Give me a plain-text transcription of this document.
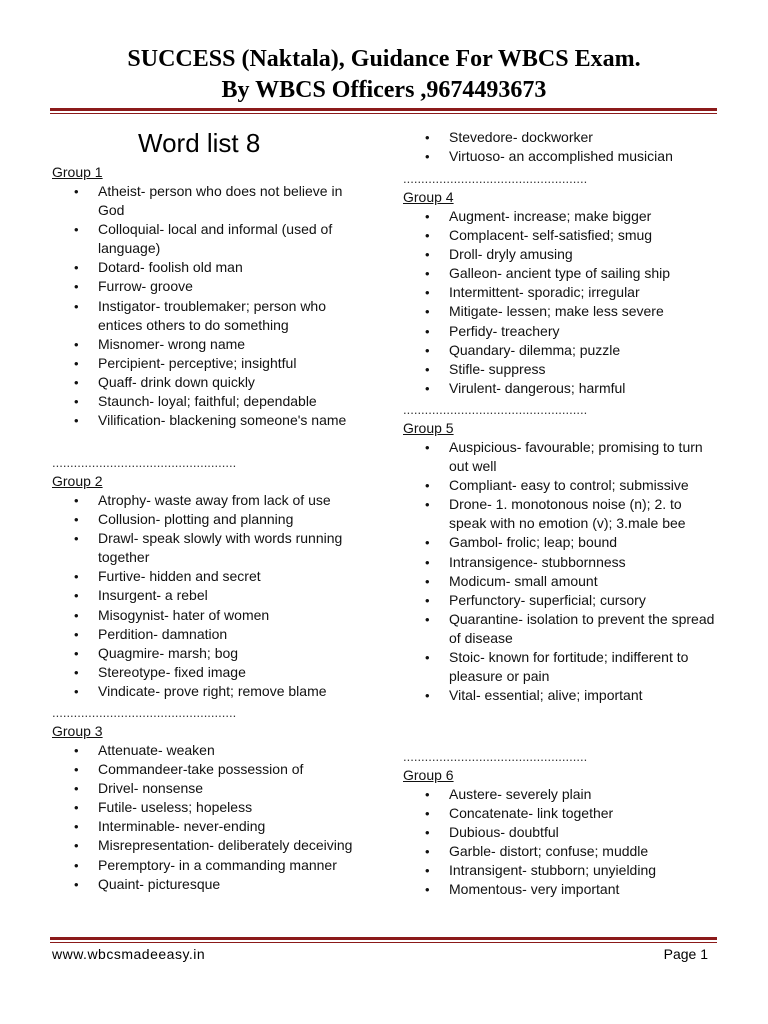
SUCCESS (Naktala), Guidance For WBCS Exam.
By WBCS Officers ,9674493673
Word list 8
Group 1
• Atheist- person who does not believe in God
• Colloquial- local and informal (used of language)
• Dotard- foolish old man
• Furrow- groove
• Instigator- troublemaker; person who entices others to do something
• Misnomer- wrong name
• Percipient- perceptive; insightful
• Quaff- drink down quickly
• Staunch- loyal; faithful; dependable
• Vilification- blackening someone's name
...................................................
Group 2
• Atrophy- waste away from lack of use
• Collusion- plotting and planning
• Drawl- speak slowly with words running together
• Furtive- hidden and secret
• Insurgent- a rebel
• Misogynist- hater of women
• Perdition- damnation
• Quagmire- marsh; bog
• Stereotype- fixed image
• Vindicate- prove right; remove blame
...................................................
Group 3
• Attenuate- weaken
• Commandeer-take possession of
• Drivel- nonsense
• Futile- useless; hopeless
• Interminable- never-ending
• Misrepresentation- deliberately deceiving
• Peremptory- in a commanding manner
• Quaint- picturesque
• Stevedore- dockworker
• Virtuoso- an accomplished musician
...................................................
Group 4
• Augment- increase; make bigger
• Complacent- self-satisfied; smug
• Droll- dryly amusing
• Galleon- ancient type of sailing ship
• Intermittent- sporadic; irregular
• Mitigate- lessen; make less severe
• Perfidy- treachery
• Quandary- dilemma; puzzle
• Stifle- suppress
• Virulent- dangerous; harmful
...................................................
Group 5
• Auspicious- favourable; promising to turn out well
• Compliant- easy to control; submissive
• Drone- 1. monotonous noise (n); 2. to speak with no emotion (v); 3.male bee
• Gambol- frolic; leap; bound
• Intransigence- stubbornness
• Modicum- small amount
• Perfunctory- superficial; cursory
• Quarantine- isolation to prevent the spread of disease
• Stoic- known for fortitude; indifferent to pleasure or pain
• Vital- essential; alive; important
...................................................
Group 6
• Austere- severely plain
• Concatenate- link together
• Dubious- doubtful
• Garble- distort; confuse; muddle
• Intransigent- stubborn; unyielding
• Momentous- very important
www.wbcsmadeeasy.in	Page 1
